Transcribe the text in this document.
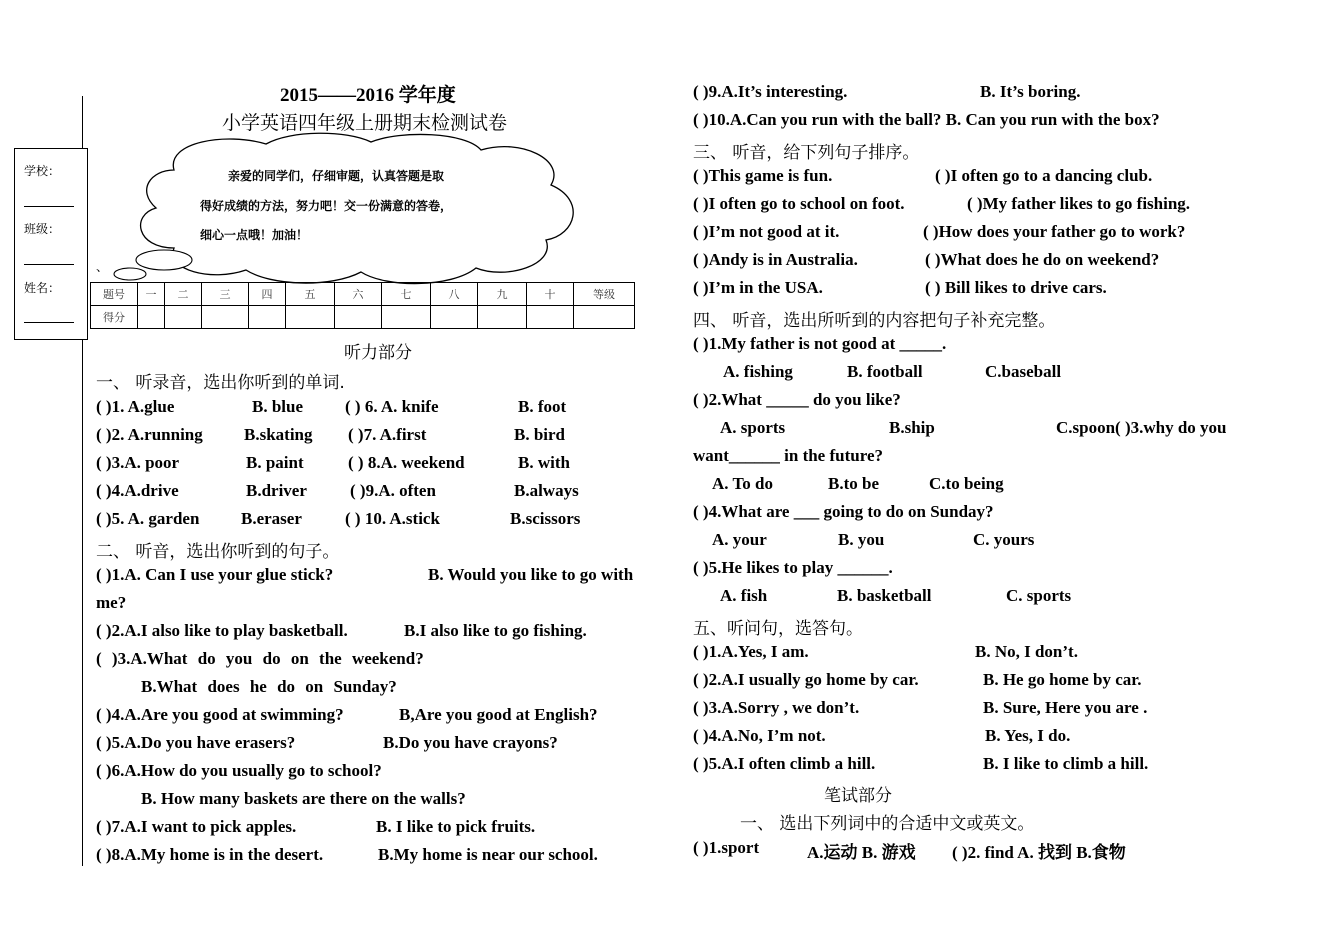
学校：
班级：
姓名：
2015——2016 学年度
小学英语四年级上册期末检测试卷
亲爱的同学们，仔细审题，认真答题是取
得好成绩的方法，努力吧！交一份满意的答卷，
细心一点哦！加油！
、
题号	一	二	三	四	五	六	七	八	九	十	等级
得分											
听力部分
一、 听录音，选出你听到的单词.
( )1. A.glue	B. blue ( ) 6. A. knife	B. foot
( )2. A.running B.skating ( )7. A.first	B. bird
( )3.A. poor	B. paint	( ) 8.A. weekend	B. with
( )4.A.drive	B.driver	( )9.A. often	B.always
( )5. A. garden B.eraser	( ) 10. A.stick	B.scissors
二、 听音，选出你听到的句子。
( )1.A. Can I use your glue stick?	B. Would you like to go with
me?
( )2.A.I also like to play basketball.	B.I also like to go fishing.
( )3.A.What do you do on the weekend?
B.What does he do on Sunday?
( )4.A.Are you good at swimming?	B,Are you good at English?
( )5.A.Do you have erasers?	B.Do you have crayons?
( )6.A.How do you usually go to school?
B. How many baskets are there on the walls?
( )7.A.I want to pick apples.	B. I like to pick fruits.
( )8.A.My home is in the desert.	B.My home is near our school.
( )9.A.It’s interesting.	B. It’s boring.
( )10.A.Can you run with the ball? B. Can you run with the box?
三、 听音，给下列句子排序。
( )This game is fun.	( )I often go to a dancing club.
( )I often go to school on foot.	( )My father likes to go fishing.
( )I’m not good at it.	( )How does your father go to work?
( )Andy is in Australia.	( )What does he do on weekend?
( )I’m in the USA.	( ) Bill likes to drive cars.
四、 听音，选出所听到的内容把句子补充完整。
( )1.My father is not good at _____.
A. fishing	B. football	C.baseball
( )2.What _____ do you like?
A. sports	B.ship	C.spoon( )3.why do you
want______ in the future?
A. To do	B.to be	C.to being
( )4.What are ___ going to do on Sunday?
A. your	B. you	C. yours
( )5.He likes to play ______.
A. fish	B. basketball	C. sports
五、听问句，选答句。
( )1.A.Yes, I am.	B. No, I don’t.
( )2.A.I usually go home by car.	B. He go home by car.
( )3.A.Sorry , we don’t.	B. Sure, Here you are .
( )4.A.No, I’m not.	B. Yes, I do.
( )5.A.I often climb a hill.	B. I like to climb a hill.
笔试部分
一、 选出下列词中的合适中文或英文。
( )1.sport	A.运动 B. 游戏 ( )2. find A. 找到 B.食物
